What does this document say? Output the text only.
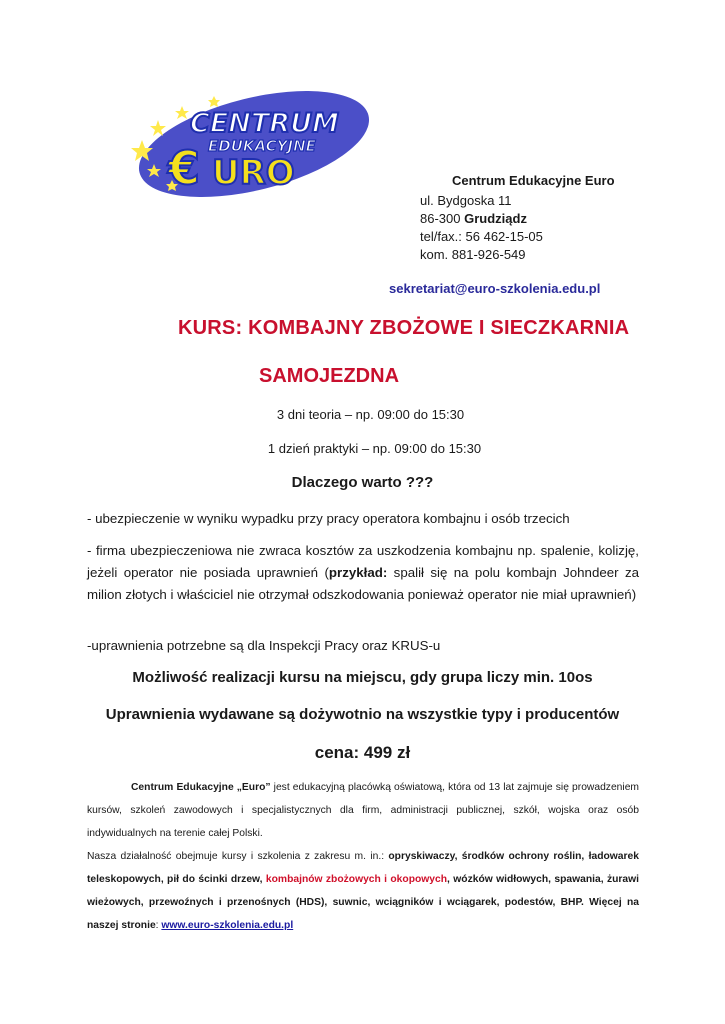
CENTRUM
EDUKACYJNE
€ URO	Centrum Edukacyjne Euro
ul. Bydgoska 11
86-300 Grudziądz
tel/fax.: 56 462-15-05
kom. 881-926-549
sekretariat@euro-szkolenia.edu.pl
KURS: KOMBAJNY ZBOŻOWE I SIECZKARNIA
SAMOJEZDNA
3 dni teoria – np. 09:00 do 15:30
1 dzień praktyki – np. 09:00 do 15:30
Dlaczego warto ???
- ubezpieczenie w wyniku wypadku przy pracy operatora kombajnu i osób trzecich
- firma ubezpieczeniowa nie zwraca kosztów za uszkodzenia kombajnu np. spalenie, kolizję, jeżeli operator nie posiada uprawnień (przykład: spalił się na polu kombajn Johndeer za milion złotych i właściciel nie otrzymał odszkodowania ponieważ operator nie miał uprawnień)
-uprawnienia potrzebne są dla Inspekcji Pracy oraz KRUS-u
Możliwość realizacji kursu na miejscu, gdy grupa liczy min. 10os
Uprawnienia wydawane są dożywotnio na wszystkie typy i producentów
cena: 499 zł
Centrum Edukacyjne „Euro” jest edukacyjną placówką oświatową, która od 13 lat zajmuje się prowadzeniem kursów, szkoleń zawodowych i specjalistycznych dla firm, administracji publicznej, szkół, wojska oraz osób indywidualnych na terenie całej Polski.
Nasza działalność obejmuje kursy i szkolenia z zakresu m. in.: opryskiwaczy, środków ochrony roślin, ładowarek teleskopowych, pił do ścinki drzew, kombajnów zbożowych i okopowych, wózków widłowych, spawania, żurawi wieżowych, przewoźnych i przenośnych (HDS), suwnic, wciągników i wciągarek, podestów, BHP. Więcej na naszej stronie: www.euro-szkolenia.edu.pl
